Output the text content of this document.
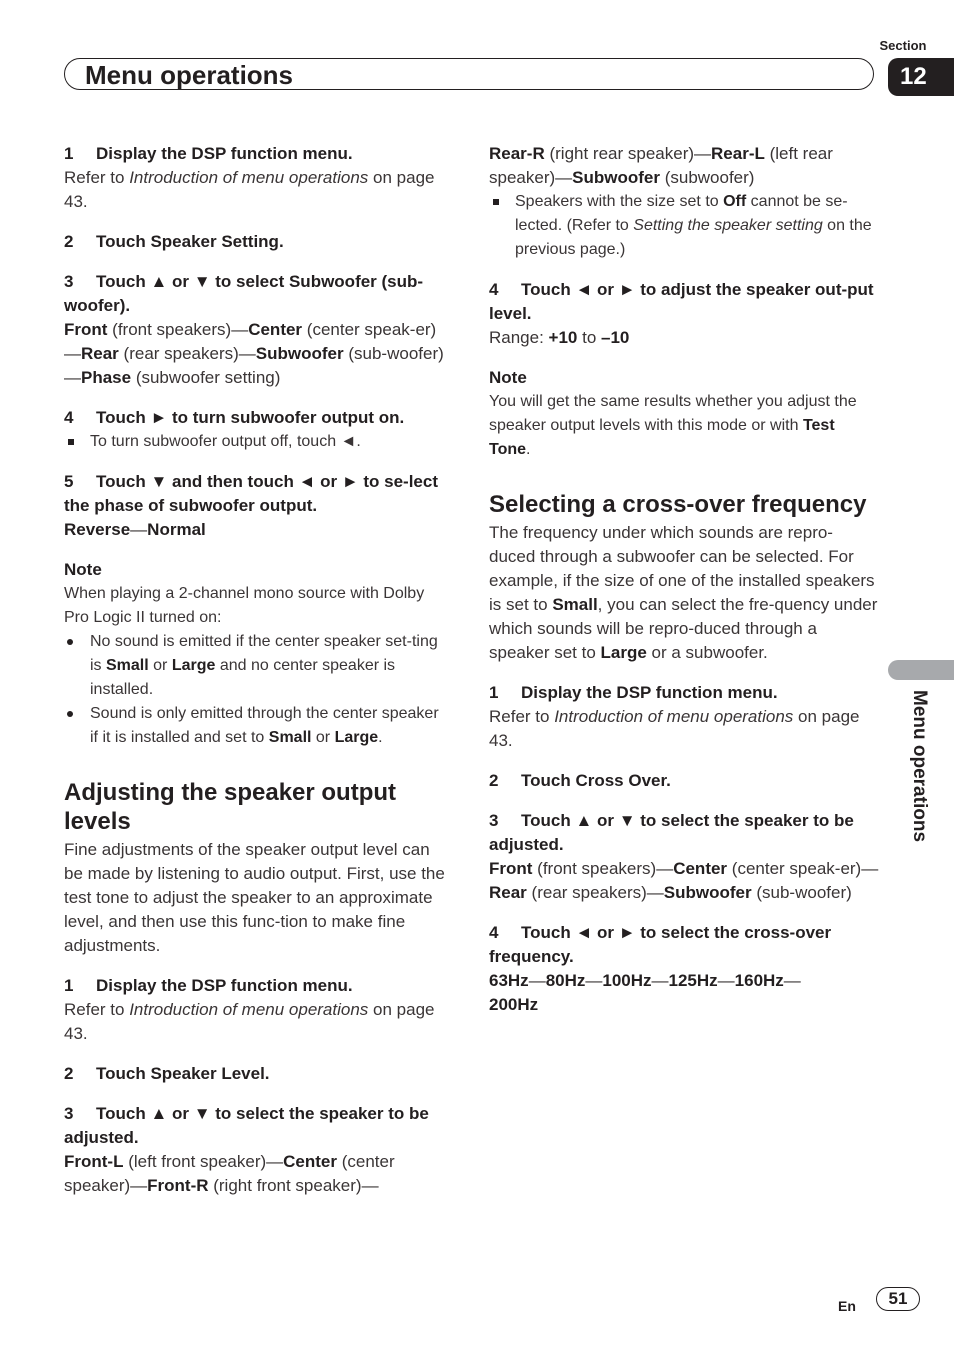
Section
Menu operations	12
1 Display the DSP function menu.

Refer to Introduction of menu operations on page 43.

2 Touch Speaker Setting.
3 Touch ▲ or ▼ to select Subwoofer (sub-woofer).

Front (front speakers)—Center (center speak-er)—Rear (rear speakers)—Subwoofer (sub-woofer)—Phase (subwoofer setting)

4 Touch ► to turn subwoofer output on.
To turn subwoofer output off, touch ◄.
5 Touch ▼ and then touch ◄ or ► to se-lect the phase of subwoofer output.

Reverse—Normal

Note

When playing a 2-channel mono source with Dolby Pro Logic II turned on:

No sound is emitted if the center speaker set-ting is Small or Large and no center speaker is installed.
Sound is only emitted through the center speaker if it is installed and set to Small or Large.
Adjusting the speaker output levels

Fine adjustments of the speaker output level can be made by listening to audio output. First, use the test tone to adjust the speaker to an approximate level, and then use this func-tion to make fine adjustments.

1 Display the DSP function menu.

Refer to Introduction of menu operations on page 43.

2 Touch Speaker Level.
3 Touch ▲ or ▼ to select the speaker to be adjusted.

Front-L (left front speaker)—Center (center speaker)—Front-R (right front speaker)—

Rear-R (right rear speaker)—Rear-L (left rear speaker)—Subwoofer (subwoofer)

Speakers with the size set to Off cannot be se-lected. (Refer to Setting the speaker setting on the previous page.)
4 Touch ◄ or ► to adjust the speaker out-put level.

Range: +10 to –10

Note

You will get the same results whether you adjust the speaker output levels with this mode or with Test Tone.

Selecting a cross-over frequency

The frequency under which sounds are repro-duced through a subwoofer can be selected. For example, if the size of one of the installed speakers is set to Small, you can select the fre-quency under which sounds will be repro-duced through a speaker set to Large or a subwoofer.

1 Display the DSP function menu.

Refer to Introduction of menu operations on page 43.

2 Touch Cross Over.
3 Touch ▲ or ▼ to select the speaker to be adjusted.

Front (front speakers)—Center (center speak-er)—Rear (rear speakers)—Subwoofer (sub-woofer)

4 Touch ◄ or ► to select the cross-over frequency.

63Hz—80Hz—100Hz—125Hz—160Hz—
200Hz

Menu operations
En	51
